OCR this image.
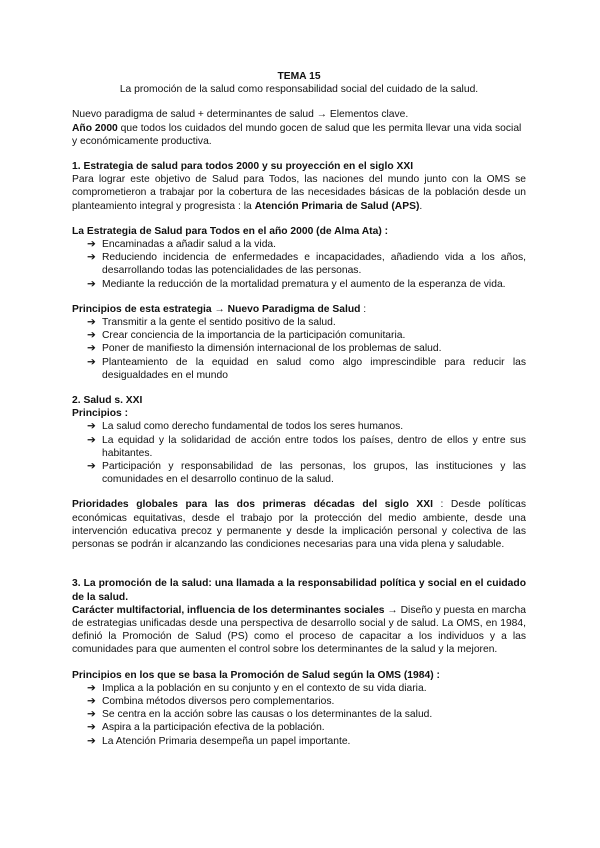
TEMA 15

La promoción de la salud como responsabilidad social del cuidado de la salud.

Nuevo paradigma de salud + determinantes de salud → Elementos clave.

Año 2000 que todos los cuidados del mundo gocen de salud que les permita llevar una vida social y económicamente productiva.

1. Estrategia de salud para todos 2000 y su proyección en el siglo XXI

Para lograr este objetivo de Salud para Todos, las naciones del mundo junto con la OMS se comprometieron a trabajar por la cobertura de las necesidades básicas de la población desde un planteamiento integral y progresista : la Atención Primaria de Salud (APS).

La Estrategia de Salud para Todos en el año 2000 (de Alma Ata) :

➔ Encaminadas a añadir salud a la vida.
➔ Reduciendo incidencia de enfermedades e incapacidades, añadiendo vida a los años, desarrollando todas las potencialidades de las personas.
➔ Mediante la reducción de la mortalidad prematura y el aumento de la esperanza de vida.

Principios de esta estrategia → Nuevo Paradigma de Salud :

➔ Transmitir a la gente el sentido positivo de la salud.
➔ Crear conciencia de la importancia de la participación comunitaria.
➔ Poner de manifiesto la dimensión internacional de los problemas de salud.
➔ Planteamiento de la equidad en salud como algo imprescindible para reducir las desigualdades en el mundo

2. Salud s. XXI

Principios :

➔ La salud como derecho fundamental de todos los seres humanos.
➔ La equidad y la solidaridad de acción entre todos los países, dentro de ellos y entre sus habitantes.
➔ Participación y responsabilidad de las personas, los grupos, las instituciones y las comunidades en el desarrollo continuo de la salud.

Prioridades globales para las dos primeras décadas del siglo XXI : Desde políticas económicas equitativas, desde el trabajo por la protección del medio ambiente, desde una intervención educativa precoz y permanente y desde la implicación personal y colectiva de las personas se podrán ir alcanzando las condiciones necesarias para una vida plena y saludable.

3. La promoción de la salud: una llamada a la responsabilidad política y social en el cuidado de la salud.

Carácter multifactorial, influencia de los determinantes sociales → Diseño y puesta en marcha de estrategias unificadas desde una perspectiva de desarrollo social y de salud. La OMS, en 1984, definió la Promoción de Salud (PS) como el proceso de capacitar a los individuos y a las comunidades para que aumenten el control sobre los determinantes de la salud y la mejoren.

Principios en los que se basa la Promoción de Salud según la OMS (1984) :

➔ Implica a la población en su conjunto y en el contexto de su vida diaria.
➔ Combina métodos diversos pero complementarios.
➔ Se centra en la acción sobre las causas o los determinantes de la salud.
➔ Aspira a la participación efectiva de la población.
➔ La Atención Primaria desempeña un papel importante.
